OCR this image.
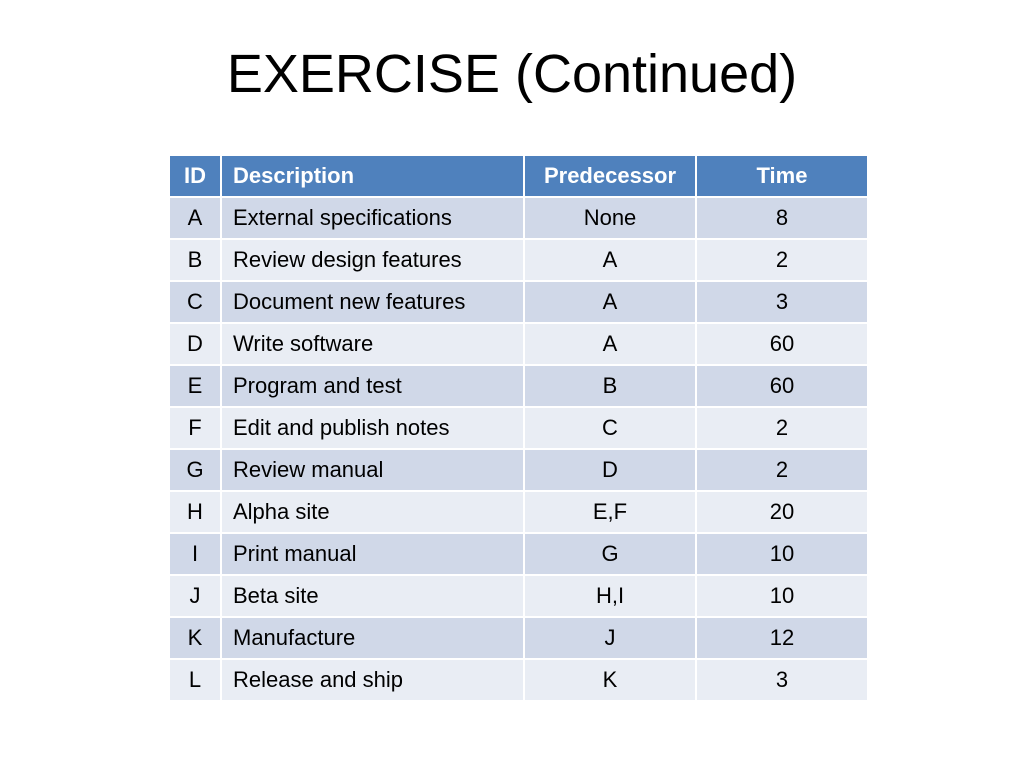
EXERCISE (Continued)
ID	Description	Predecessor	Time
A	External specifications	None	8
B	Review design features	A	2
C	Document new features	A	3
D	Write software	A	60
E	Program and test	B	60
F	Edit and publish notes	C	2
G	Review manual	D	2
H	Alpha site	E,F	20
I	Print manual	G	10
J	Beta site	H,I	10
K	Manufacture	J	12
L	Release and ship	K	3
